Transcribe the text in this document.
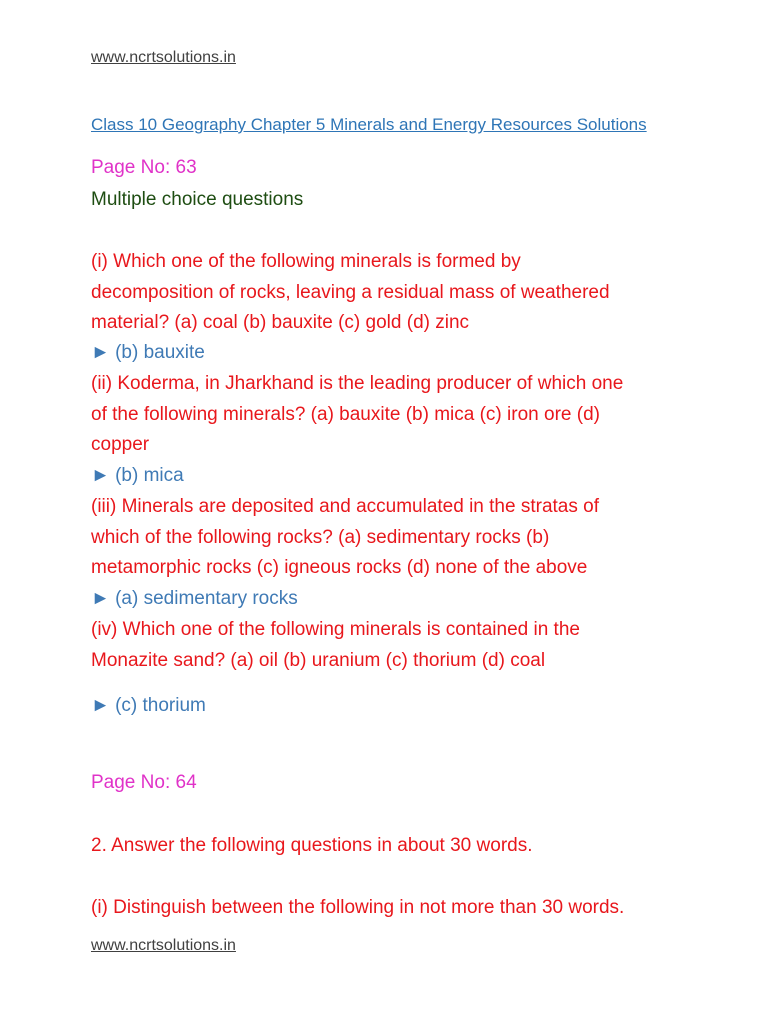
www.ncrtsolutions.in
Class 10 Geography Chapter 5 Minerals and Energy Resources Solutions
Page No: 63
Multiple choice questions
(i) Which one of the following minerals is formed by
decomposition of rocks, leaving a residual mass of weathered
material? (a) coal (b) bauxite (c) gold (d) zinc
► (b) bauxite
(ii) Koderma, in Jharkhand is the leading producer of which one
of the following minerals? (a) bauxite (b) mica (c) iron ore (d)
copper
► (b) mica
(iii) Minerals are deposited and accumulated in the stratas of
which of the following rocks? (a) sedimentary rocks (b)
metamorphic rocks (c) igneous rocks (d) none of the above
► (a) sedimentary rocks
(iv) Which one of the following minerals is contained in the
Monazite sand? (a) oil (b) uranium (c) thorium (d) coal
► (c) thorium
Page No: 64
2. Answer the following questions in about 30 words.
(i) Distinguish between the following in not more than 30 words.
www.ncrtsolutions.in
